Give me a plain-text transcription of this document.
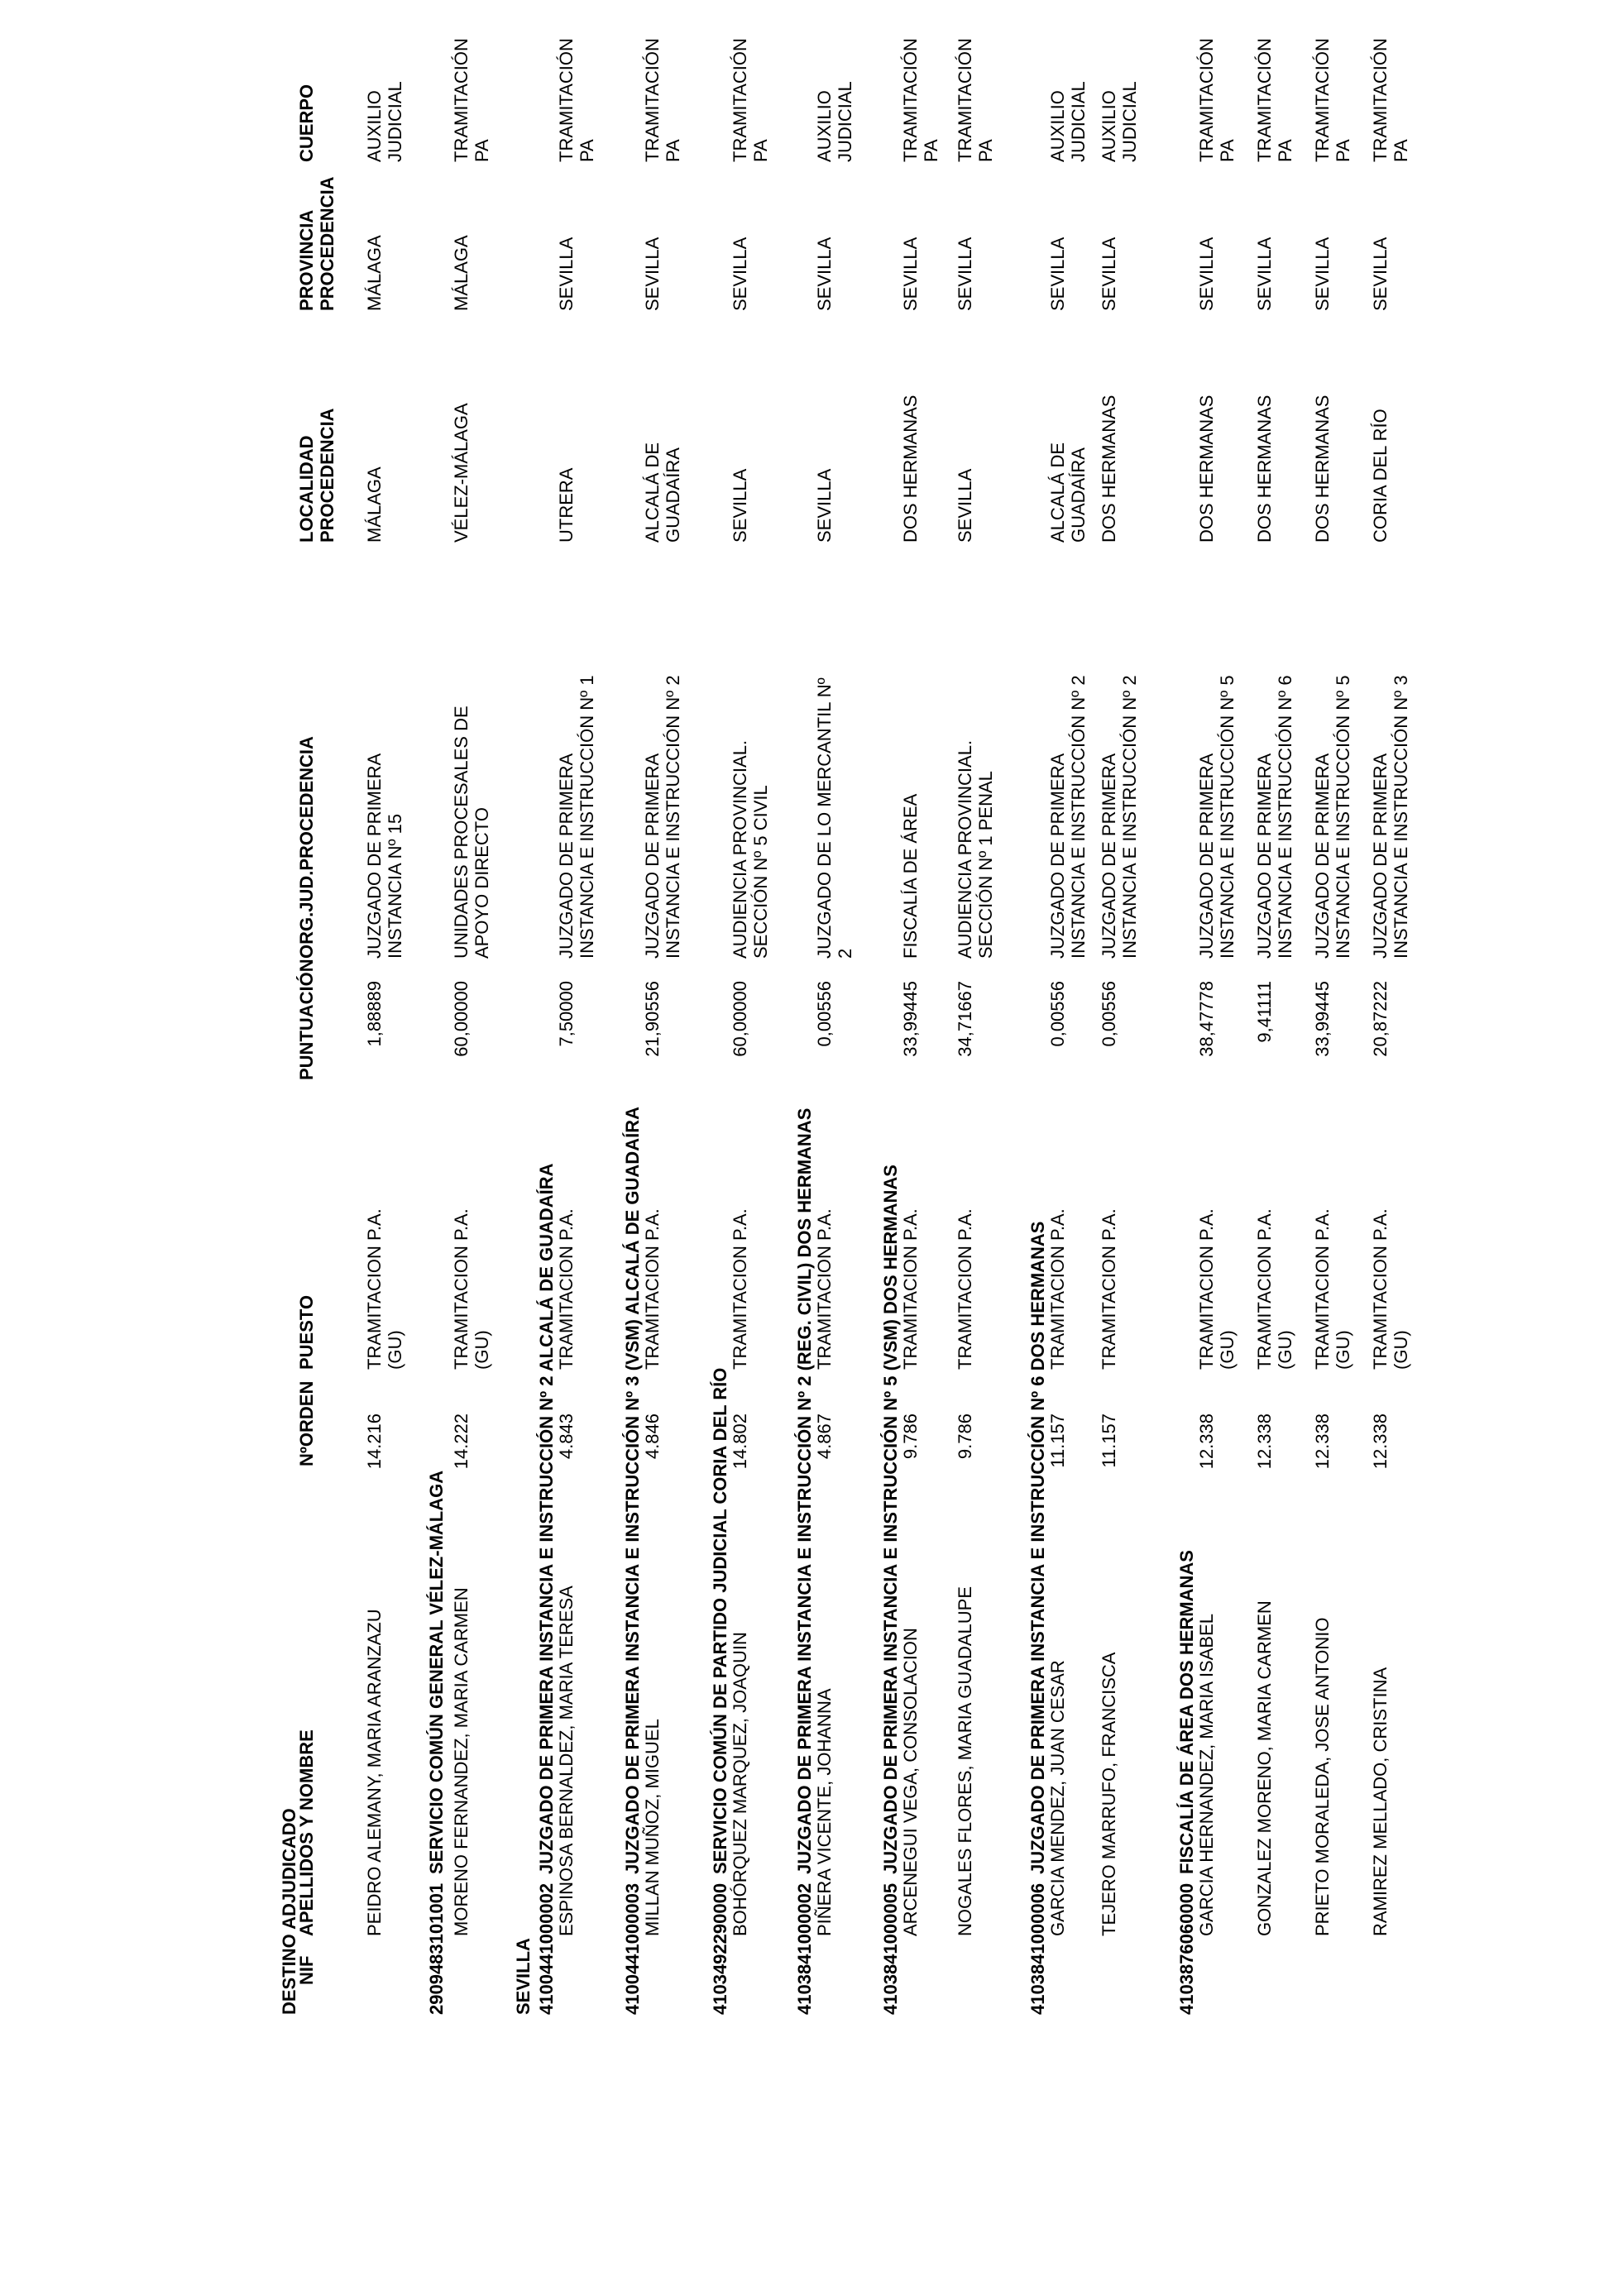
DESTINO ADJUDICADO
NIF
APELLIDOS Y NOMBRE
NºORDEN
PUESTO
PUNTUACIÓN
ORG.JUD.PROCEDENCIA
LOCALIDAD
PROCEDENCIA
PROVINCIA
PROCEDENCIA
CUERPO
PEIDRO ALEMANY, MARIA ARANZAZU
14.216
TRAMITACION P.A.
(GU)
1,88889
JUZGADO DE PRIMERA
INSTANCIA Nº 15
MÁLAGA
MÁLAGA
AUXILIO
JUDICIAL
290948310100​1
SERVICIO COMÚN GENERAL VÉLEZ-MÁLAGA MORENO FERNANDEZ, MARIA CARMEN
14.222
TRAMITACION P.A.
(GU)
60,00000
UNIDADES PROCESALES DE
APOYO DIRECTO
VÉLEZ-MÁLAGA
MÁLAGA
TRAMITACIÓN
PA
SEVILLA 4100441000002
JUZGADO DE PRIMERA INSTANCIA E INSTRUCCIÓN Nº 2 ALCALÁ DE GUADAÍRA ESPINOSA BERNALDEZ, MARIA TERESA
4.843
TRAMITACION P.A.
7,50000
JUZGADO DE PRIMERA
INSTANCIA E INSTRUCCIÓN Nº 1
UTRERA
SEVILLA
TRAMITACIÓN
PA
4100441000003
JUZGADO DE PRIMERA INSTANCIA E INSTRUCCIÓN Nº 3 (VSM) ALCALÁ DE GUADAÍRA MILLAN MUÑOZ, MIGUEL
4.846
TRAMITACION P.A.
21,90556
JUZGADO DE PRIMERA
INSTANCIA E INSTRUCCIÓN Nº 2
ALCALÁ DE
GUADAÍRA
SEVILLA
TRAMITACIÓN
PA
4103492290000
SERVICIO COMÚN DE PARTIDO JUDICIAL CORIA DEL RÍO BOHÓRQUEZ MARQUEZ, JOAQUIN
14.802
TRAMITACION P.A.
60,00000
AUDIENCIA PROVINCIAL.
SECCIÓN Nº 5 CIVIL
SEVILLA
SEVILLA
TRAMITACIÓN
PA
4103841000002
JUZGADO DE PRIMERA INSTANCIA E INSTRUCCIÓN Nº 2 (REG. CIVIL) DOS HERMANAS PIÑERA VICENTE, JOHANNA
4.867
TRAMITACION P.A.
0,00556
JUZGADO DE LO MERCANTIL Nº
2
SEVILLA
SEVILLA
AUXILIO
JUDICIAL
4103841000005
JUZGADO DE PRIMERA INSTANCIA E INSTRUCCIÓN Nº 5 (VSM) DOS HERMANAS ARCENEGUI VEGA, CONSOLACION
9.786
TRAMITACION P.A.
33,99445
FISCALÍA DE ÁREA
DOS HERMANAS
SEVILLA
TRAMITACIÓN
PA
NOGALES FLORES, MARIA GUADALUPE
9.786
TRAMITACION P.A.
34,71667
AUDIENCIA PROVINCIAL.
SECCIÓN Nº 1 PENAL
SEVILLA
SEVILLA
TRAMITACIÓN
PA
4103841000006
JUZGADO DE PRIMERA INSTANCIA E INSTRUCCIÓN Nº 6 DOS HERMANAS GARCIA MENDEZ, JUAN CESAR
11.157
TRAMITACION P.A.
0,00556
JUZGADO DE PRIMERA
INSTANCIA E INSTRUCCIÓN Nº 2
ALCALÁ DE
GUADAÍRA
SEVILLA
AUXILIO
JUDICIAL
TEJERO MARRUFO, FRANCISCA
11.157
TRAMITACION P.A.
0,00556
JUZGADO DE PRIMERA
INSTANCIA E INSTRUCCIÓN Nº 2
DOS HERMANAS
SEVILLA
AUXILIO
JUDICIAL
4103876060000
FISCALÍA DE ÁREA DOS HERMANAS GARCIA HERNANDEZ, MARIA ISABEL
12.338
TRAMITACION P.A.
(GU)
38,47778
JUZGADO DE PRIMERA
INSTANCIA E INSTRUCCIÓN Nº 5
DOS HERMANAS
SEVILLA
TRAMITACIÓN
PA
GONZALEZ MORENO, MARIA CARMEN
12.338
TRAMITACION P.A.
(GU)
9,41111
JUZGADO DE PRIMERA
INSTANCIA E INSTRUCCIÓN Nº 6
DOS HERMANAS
SEVILLA
TRAMITACIÓN
PA
PRIETO MORALEDA, JOSE ANTONIO
12.338
TRAMITACION P.A.
(GU)
33,99445
JUZGADO DE PRIMERA
INSTANCIA E INSTRUCCIÓN Nº 5
DOS HERMANAS
SEVILLA
TRAMITACIÓN
PA
RAMIREZ MELLADO, CRISTINA
12.338
TRAMITACION P.A.
(GU)
20,87222
JUZGADO DE PRIMERA
INSTANCIA E INSTRUCCIÓN Nº 3
CORIA DEL RÍO
SEVILLA
TRAMITACIÓN
PA
